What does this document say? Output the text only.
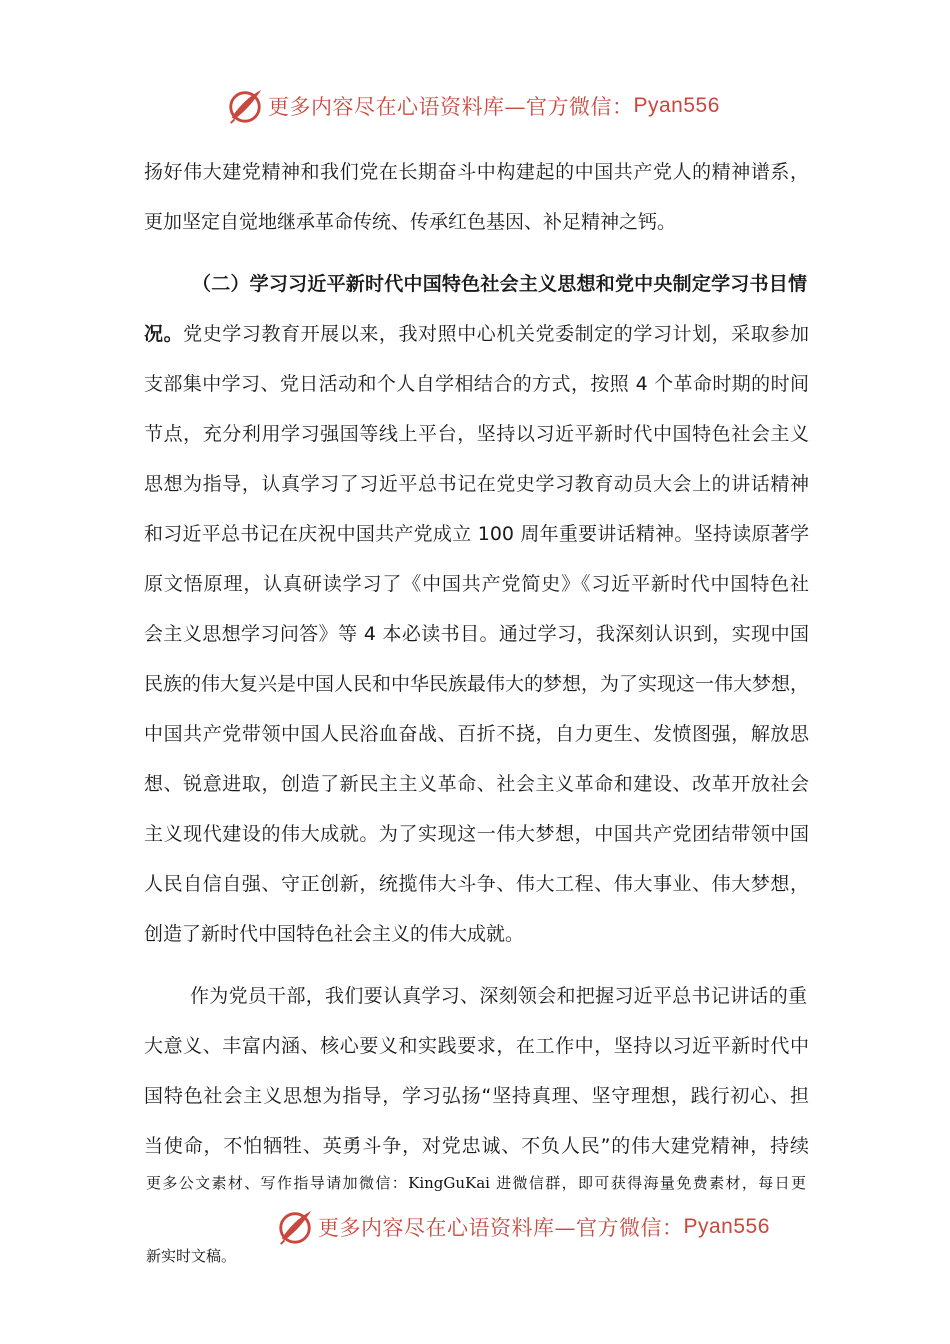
更多内容尽在心语资料库—官方微信： Pyan556
扬好伟大建党精神和我们党在长期奋斗中构建起的中国共产党人的精神谱系，
更加坚定自觉地继承革命传统、传承红色基因、补足精神之钙。
（二）学习习近平新时代中国特色社会主义思想和党中央制定学习书目情
况。党史学习教育开展以来，我对照中心机关党委制定的学习计划，采取参加
支部集中学习、党日活动和个人自学相结合的方式，按照 4 个革命时期的时间
节点，充分利用学习强国等线上平台，坚持以习近平新时代中国特色社会主义
思想为指导，认真学习了习近平总书记在党史学习教育动员大会上的讲话精神
和习近平总书记在庆祝中国共产党成立 100 周年重要讲话精神。坚持读原著学
原文悟原理，认真研读学习了《中国共产党简史》《习近平新时代中国特色社
会主义思想学习问答》等 4 本必读书目。通过学习，我深刻认识到，实现中国
民族的伟大复兴是中国人民和中华民族最伟大的梦想，为了实现这一伟大梦想，
中国共产党带领中国人民浴血奋战、百折不挠，自力更生、发愤图强，解放思
想、锐意进取，创造了新民主主义革命、社会主义革命和建设、改革开放社会
主义现代建设的伟大成就。为了实现这一伟大梦想，中国共产党团结带领中国
人民自信自强、守正创新，统揽伟大斗争、伟大工程、伟大事业、伟大梦想，
创造了新时代中国特色社会主义的伟大成就。
作为党员干部，我们要认真学习、深刻领会和把握习近平总书记讲话的重
大意义、丰富内涵、核心要义和实践要求，在工作中，坚持以习近平新时代中
国特色社会主义思想为指导，学习弘扬“坚持真理、坚守理想，践行初心、担
当使命，不怕牺牲、英勇斗争，对党忠诚、不负人民”的伟大建党精神，持续
更多公文素材、写作指导请加微信：KingGuKai 进微信群，即可获得海量免费素材，每日更
更多内容尽在心语资料库—官方微信： Pyan556
新实时文稿。
